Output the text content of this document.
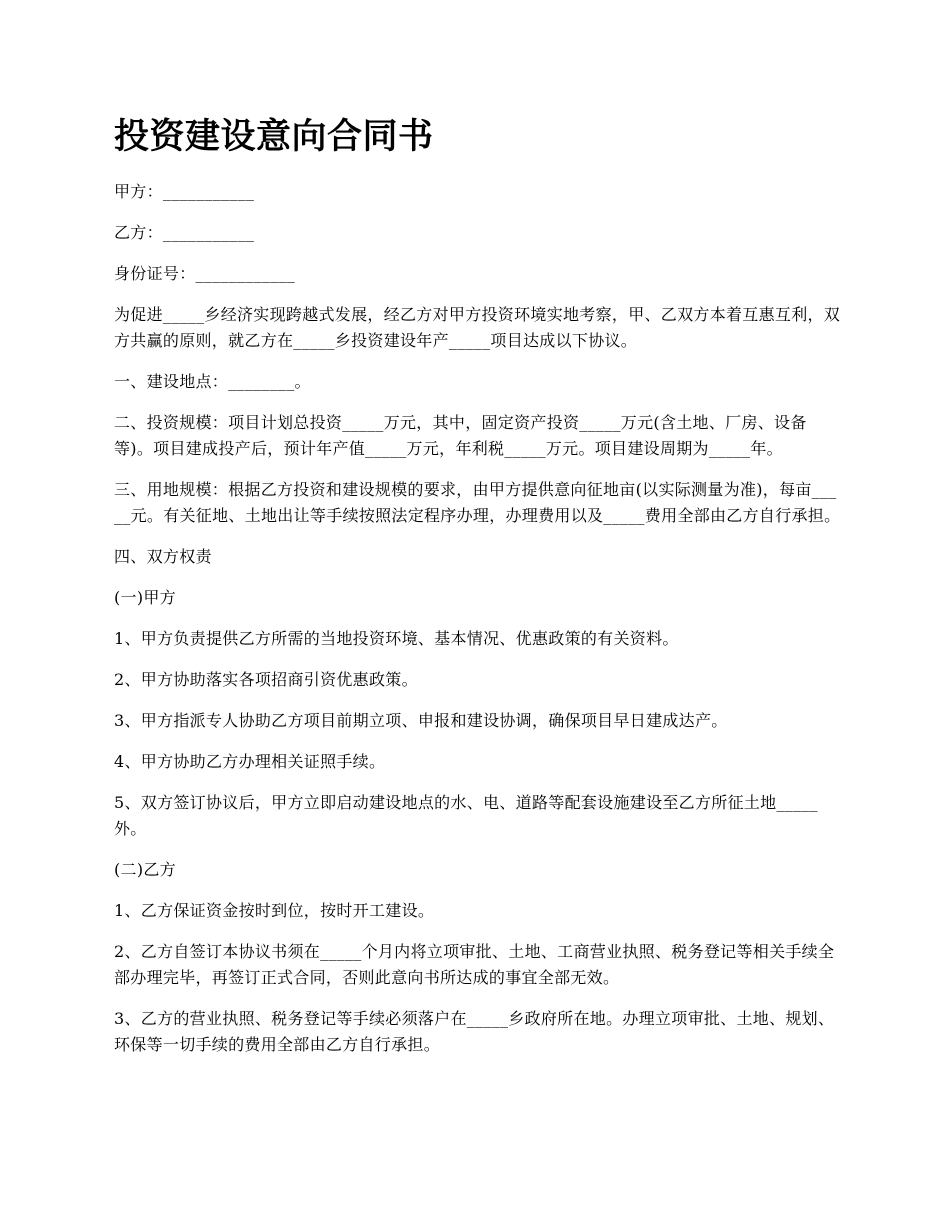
投资建设意向合同书

甲方：___________

乙方：___________

身份证号：____________

为促进_____乡经济实现跨越式发展，经乙方对甲方投资环境实地考察，甲、乙双方本着互惠互利，双方共赢的原则，就乙方在_____乡投资建设年产_____项目达成以下协议。

一、建设地点：________。

二、投资规模：项目计划总投资_____万元，其中，固定资产投资_____万元(含土地、厂房、设备等)。项目建成投产后，预计年产值_____万元，年利税_____万元。项目建设周期为_____年。

三、用地规模：根据乙方投资和建设规模的要求，由甲方提供意向征地亩(以实际测量为准)，每亩_____元。有关征地、土地出让等手续按照法定程序办理，办理费用以及_____费用全部由乙方自行承担。

四、双方权责

(一)甲方

1、甲方负责提供乙方所需的当地投资环境、基本情况、优惠政策的有关资料。

2、甲方协助落实各项招商引资优惠政策。

3、甲方指派专人协助乙方项目前期立项、申报和建设协调，确保项目早日建成达产。

4、甲方协助乙方办理相关证照手续。

5、双方签订协议后，甲方立即启动建设地点的水、电、道路等配套设施建设至乙方所征土地_____外。

(二)乙方

1、乙方保证资金按时到位，按时开工建设。

2、乙方自签订本协议书须在_____个月内将立项审批、土地、工商营业执照、税务登记等相关手续全部办理完毕，再签订正式合同，否则此意向书所达成的事宜全部无效。

3、乙方的营业执照、税务登记等手续必须落户在_____乡政府所在地。办理立项审批、土地、规划、环保等一切手续的费用全部由乙方自行承担。
